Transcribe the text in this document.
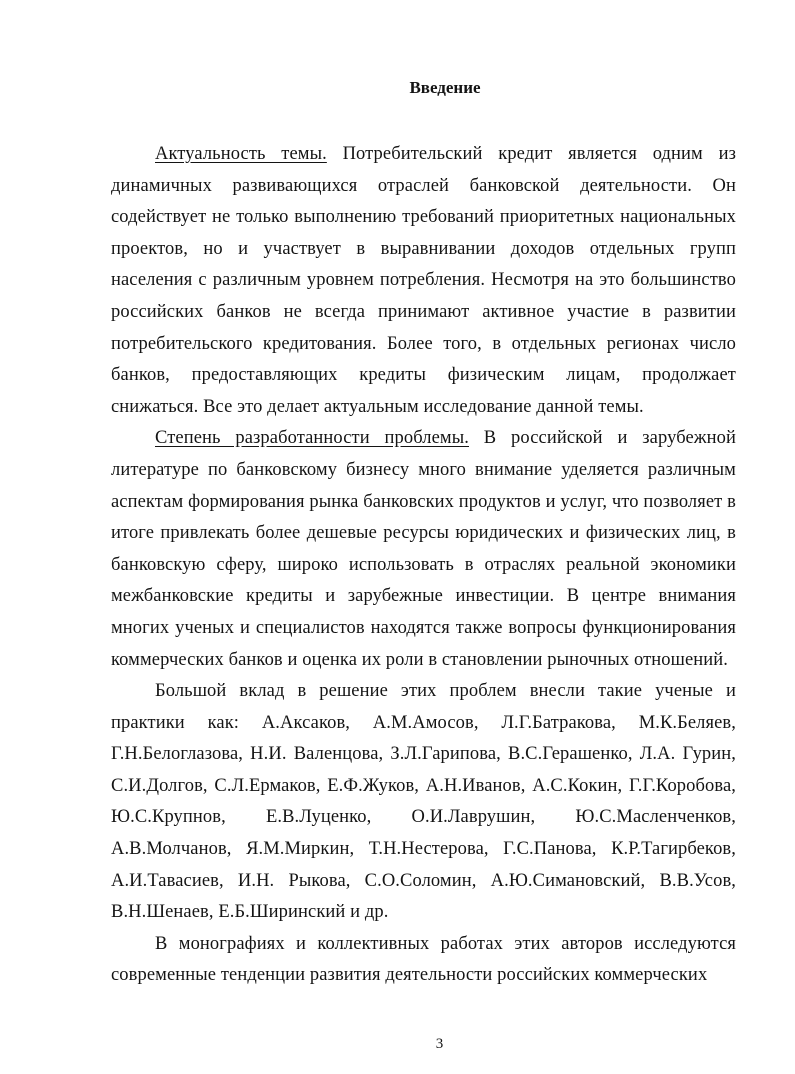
Введение

Актуальность темы. Потребительский кредит является одним из динамичных развивающихся отраслей банковской деятельности. Он содействует не только выполнению требований приоритетных национальных проектов, но и участвует в выравнивании доходов отдельных групп населения с различным уровнем потребления. Несмотря на это большинство российских банков не всегда принимают активное участие в развитии потребительского кредитования. Более того, в отдельных регионах число банков, предоставляющих кредиты физическим лицам, продолжает снижаться. Все это делает актуальным исследование данной темы.

Степень разработанности проблемы. В российской и зарубежной литературе по банковскому бизнесу много внимание уделяется различным аспектам формирования рынка банковских продуктов и услуг, что позволяет в итоге привлекать более дешевые ресурсы юридических и физических лиц, в банковскую сферу, широко использовать в отраслях реальной экономики межбанковские кредиты и зарубежные инвестиции. В центре внимания многих ученых и специалистов находятся также вопросы функционирования коммерческих банков и оценка их роли в становлении рыночных отношений.

Большой вклад в решение этих проблем внесли такие ученые и практики как: А.Аксаков, А.М.Амосов, Л.Г.Батракова, М.К.Беляев, Г.Н.Белоглазова, Н.И. Валенцова, З.Л.Гарипова, В.С.Герашенко, Л.А. Гурин, С.И.Долгов, С.Л.Ермаков, Е.Ф.Жуков, А.Н.Иванов, А.С.Кокин, Г.Г.Коробова, Ю.С.Крупнов, Е.В.Луценко, О.И.Лаврушин, Ю.С.Масленченков, А.В.Молчанов, Я.М.Миркин, Т.Н.Нестерова, Г.С.Панова, К.Р.Тагирбеков, А.И.Тавасиев, И.Н. Рыкова, С.О.Соломин, А.Ю.Симановский, В.В.Усов, В.Н.Шенаев, Е.Б.Ширинский и др.

В монографиях и коллективных работах этих авторов исследуются современные тенденции развития деятельности российских коммерческих

3
